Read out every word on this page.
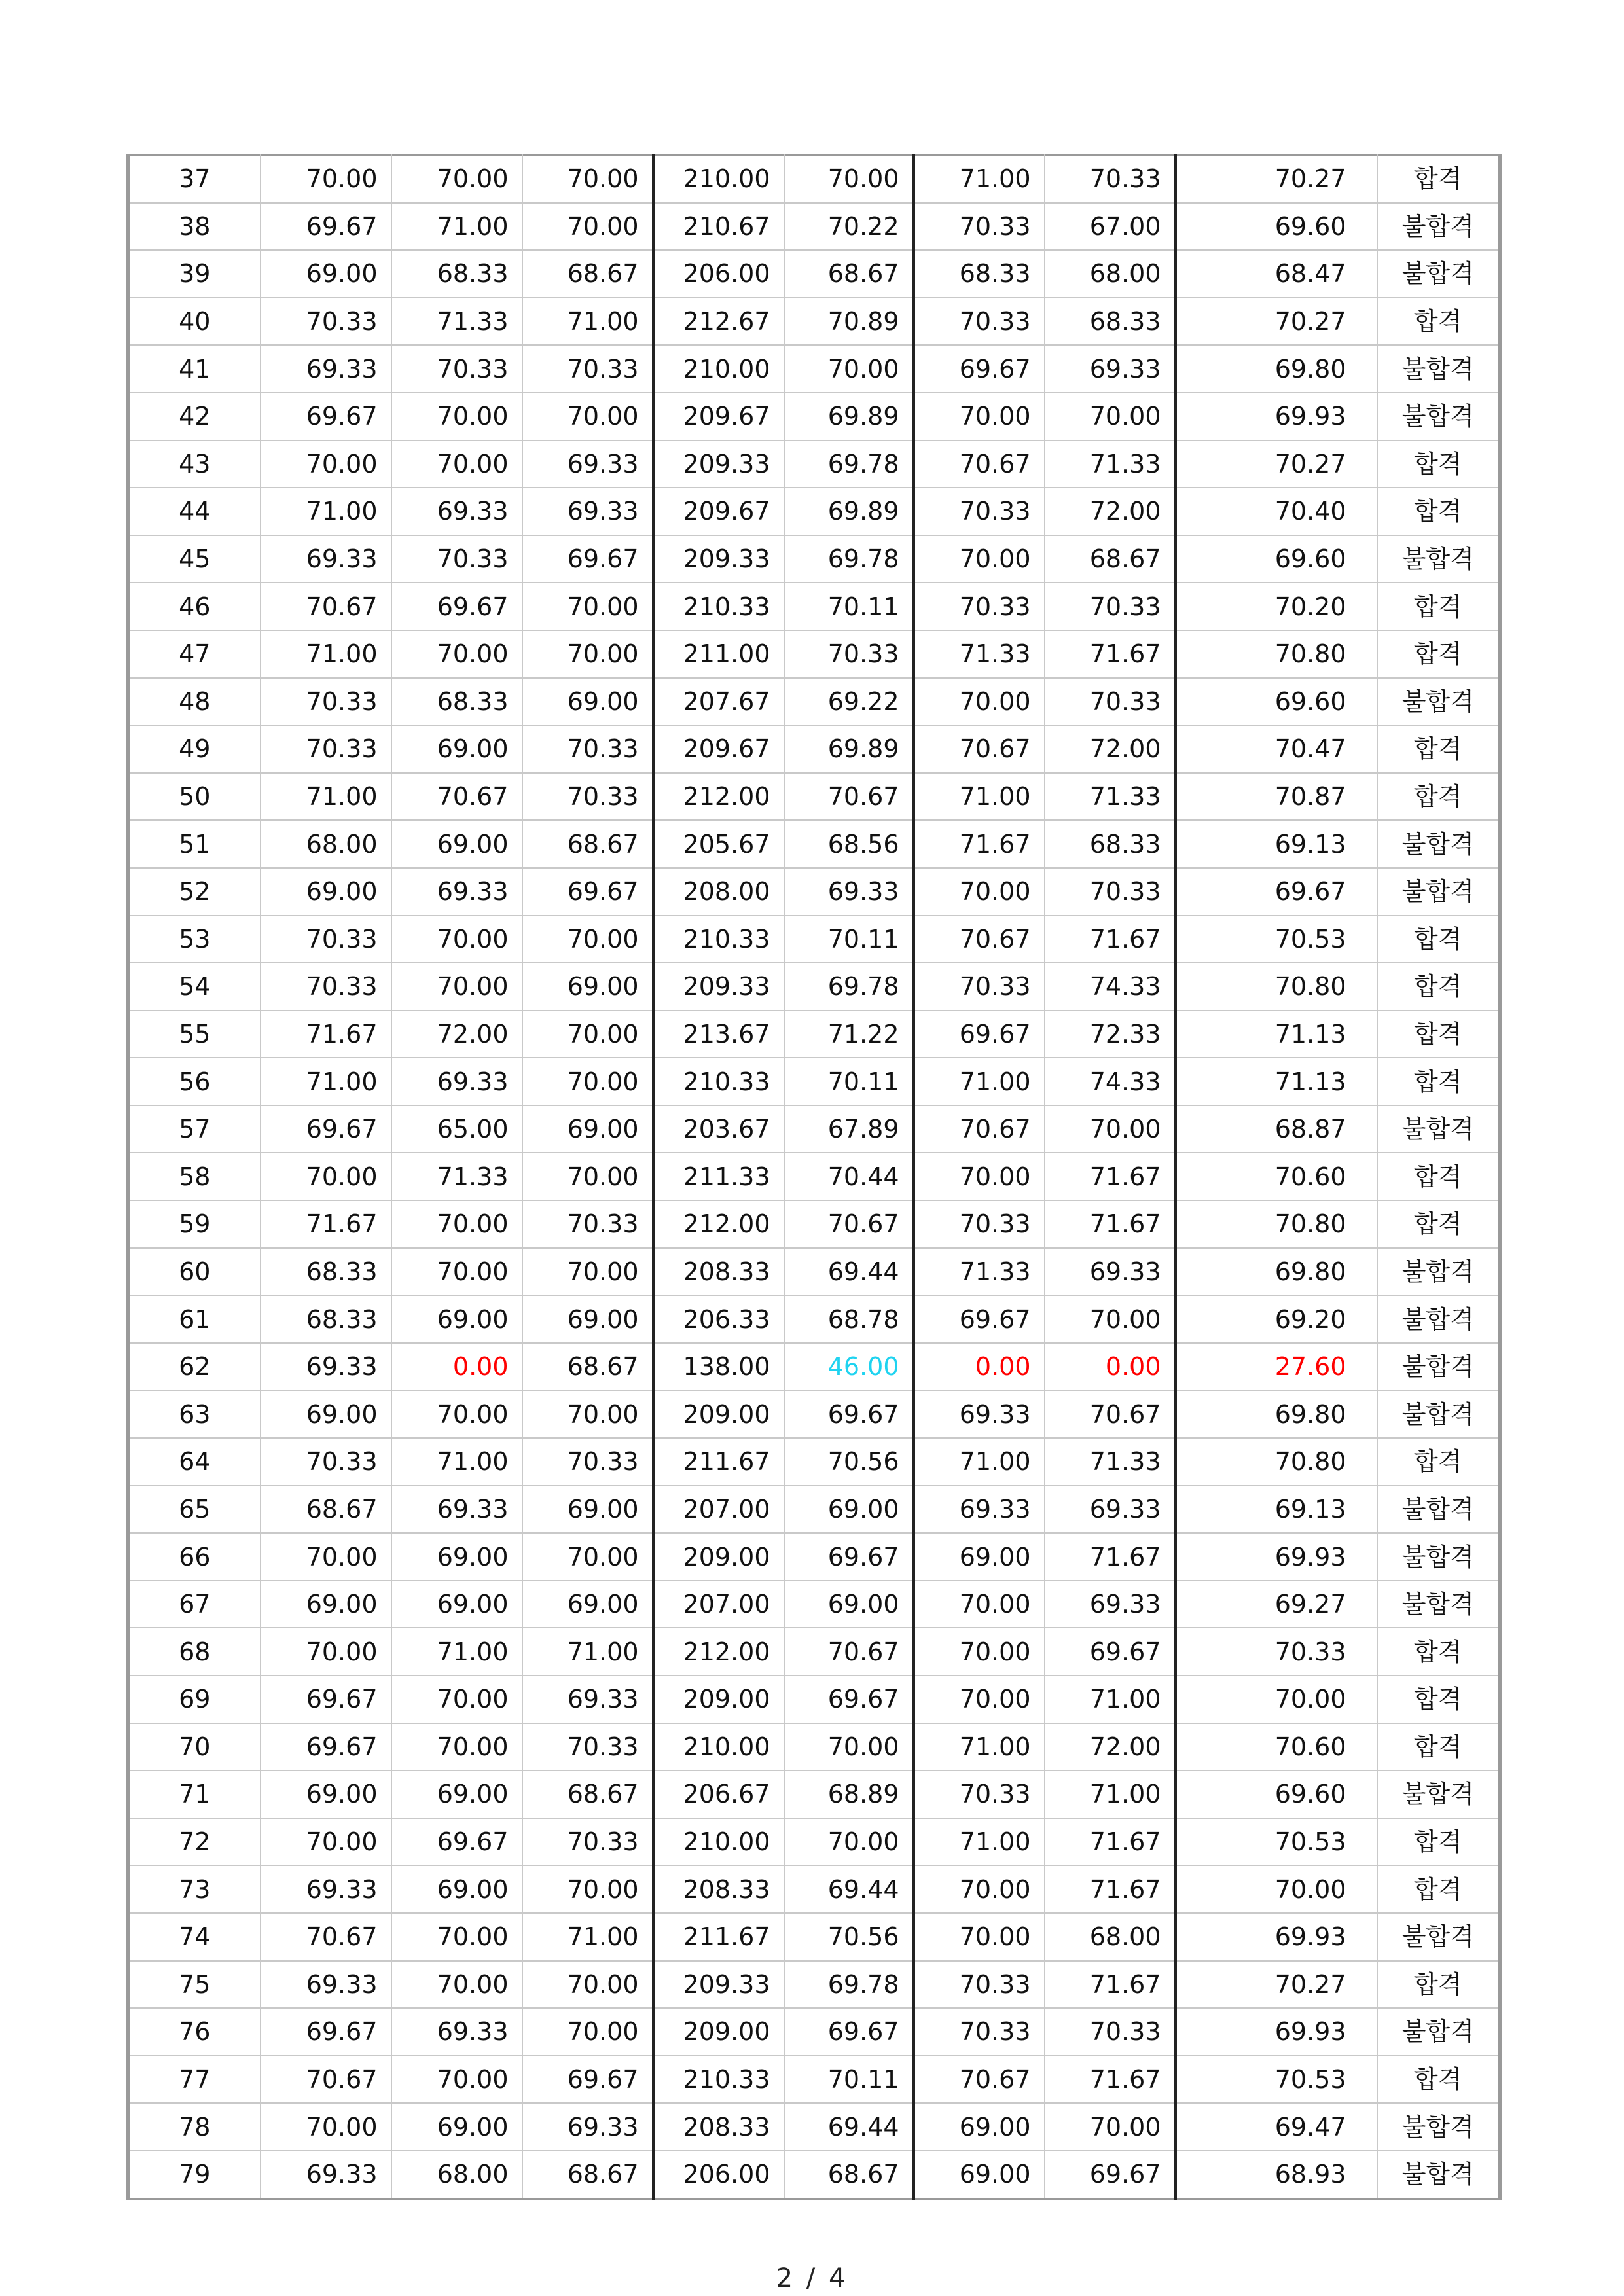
37	70.00	70.00	70.00	210.00	70.00	71.00	70.33	70.27	합격
38	69.67	71.00	70.00	210.67	70.22	70.33	67.00	69.60	불합격
39	69.00	68.33	68.67	206.00	68.67	68.33	68.00	68.47	불합격
40	70.33	71.33	71.00	212.67	70.89	70.33	68.33	70.27	합격
41	69.33	70.33	70.33	210.00	70.00	69.67	69.33	69.80	불합격
42	69.67	70.00	70.00	209.67	69.89	70.00	70.00	69.93	불합격
43	70.00	70.00	69.33	209.33	69.78	70.67	71.33	70.27	합격
44	71.00	69.33	69.33	209.67	69.89	70.33	72.00	70.40	합격
45	69.33	70.33	69.67	209.33	69.78	70.00	68.67	69.60	불합격
46	70.67	69.67	70.00	210.33	70.11	70.33	70.33	70.20	합격
47	71.00	70.00	70.00	211.00	70.33	71.33	71.67	70.80	합격
48	70.33	68.33	69.00	207.67	69.22	70.00	70.33	69.60	불합격
49	70.33	69.00	70.33	209.67	69.89	70.67	72.00	70.47	합격
50	71.00	70.67	70.33	212.00	70.67	71.00	71.33	70.87	합격
51	68.00	69.00	68.67	205.67	68.56	71.67	68.33	69.13	불합격
52	69.00	69.33	69.67	208.00	69.33	70.00	70.33	69.67	불합격
53	70.33	70.00	70.00	210.33	70.11	70.67	71.67	70.53	합격
54	70.33	70.00	69.00	209.33	69.78	70.33	74.33	70.80	합격
55	71.67	72.00	70.00	213.67	71.22	69.67	72.33	71.13	합격
56	71.00	69.33	70.00	210.33	70.11	71.00	74.33	71.13	합격
57	69.67	65.00	69.00	203.67	67.89	70.67	70.00	68.87	불합격
58	70.00	71.33	70.00	211.33	70.44	70.00	71.67	70.60	합격
59	71.67	70.00	70.33	212.00	70.67	70.33	71.67	70.80	합격
60	68.33	70.00	70.00	208.33	69.44	71.33	69.33	69.80	불합격
61	68.33	69.00	69.00	206.33	68.78	69.67	70.00	69.20	불합격
62	69.33	0.00	68.67	138.00	46.00	0.00	0.00	27.60	불합격
63	69.00	70.00	70.00	209.00	69.67	69.33	70.67	69.80	불합격
64	70.33	71.00	70.33	211.67	70.56	71.00	71.33	70.80	합격
65	68.67	69.33	69.00	207.00	69.00	69.33	69.33	69.13	불합격
66	70.00	69.00	70.00	209.00	69.67	69.00	71.67	69.93	불합격
67	69.00	69.00	69.00	207.00	69.00	70.00	69.33	69.27	불합격
68	70.00	71.00	71.00	212.00	70.67	70.00	69.67	70.33	합격
69	69.67	70.00	69.33	209.00	69.67	70.00	71.00	70.00	합격
70	69.67	70.00	70.33	210.00	70.00	71.00	72.00	70.60	합격
71	69.00	69.00	68.67	206.67	68.89	70.33	71.00	69.60	불합격
72	70.00	69.67	70.33	210.00	70.00	71.00	71.67	70.53	합격
73	69.33	69.00	70.00	208.33	69.44	70.00	71.67	70.00	합격
74	70.67	70.00	71.00	211.67	70.56	70.00	68.00	69.93	불합격
75	69.33	70.00	70.00	209.33	69.78	70.33	71.67	70.27	합격
76	69.67	69.33	70.00	209.00	69.67	70.33	70.33	69.93	불합격
77	70.67	70.00	69.67	210.33	70.11	70.67	71.67	70.53	합격
78	70.00	69.00	69.33	208.33	69.44	69.00	70.00	69.47	불합격
79	69.33	68.00	68.67	206.00	68.67	69.00	69.67	68.93	불합격
2 / 4
